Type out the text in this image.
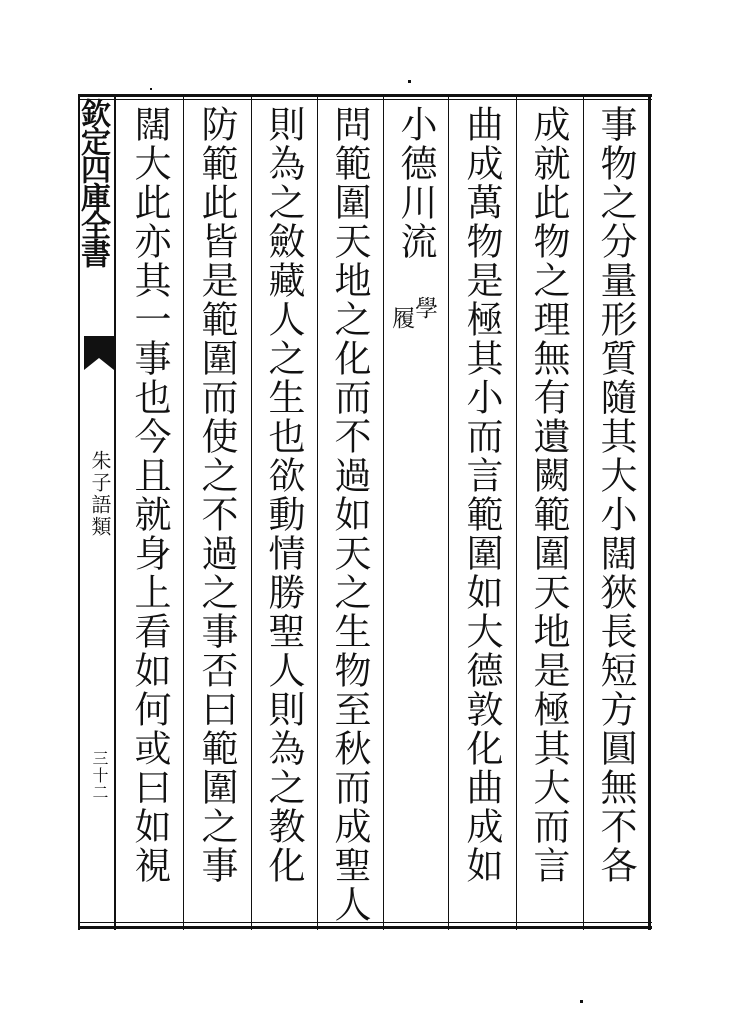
欽定四庫全書
朱子語類
三十二	事物之分量形質隨其大小闊狹長短方圓無不各
成就此物之理無有遺闕範圍天地是極其大而言
曲成萬物是極其小而言範圍如大德敦化曲成如
小德川流
學
履
問範圍天地之化而不過如天之生物至秋而成聖人
則為之斂藏人之生也欲動情勝聖人則為之教化
防範此皆是範圍而使之不過之事否曰範圍之事
闊大此亦其一事也今且就身上看如何或曰如視
